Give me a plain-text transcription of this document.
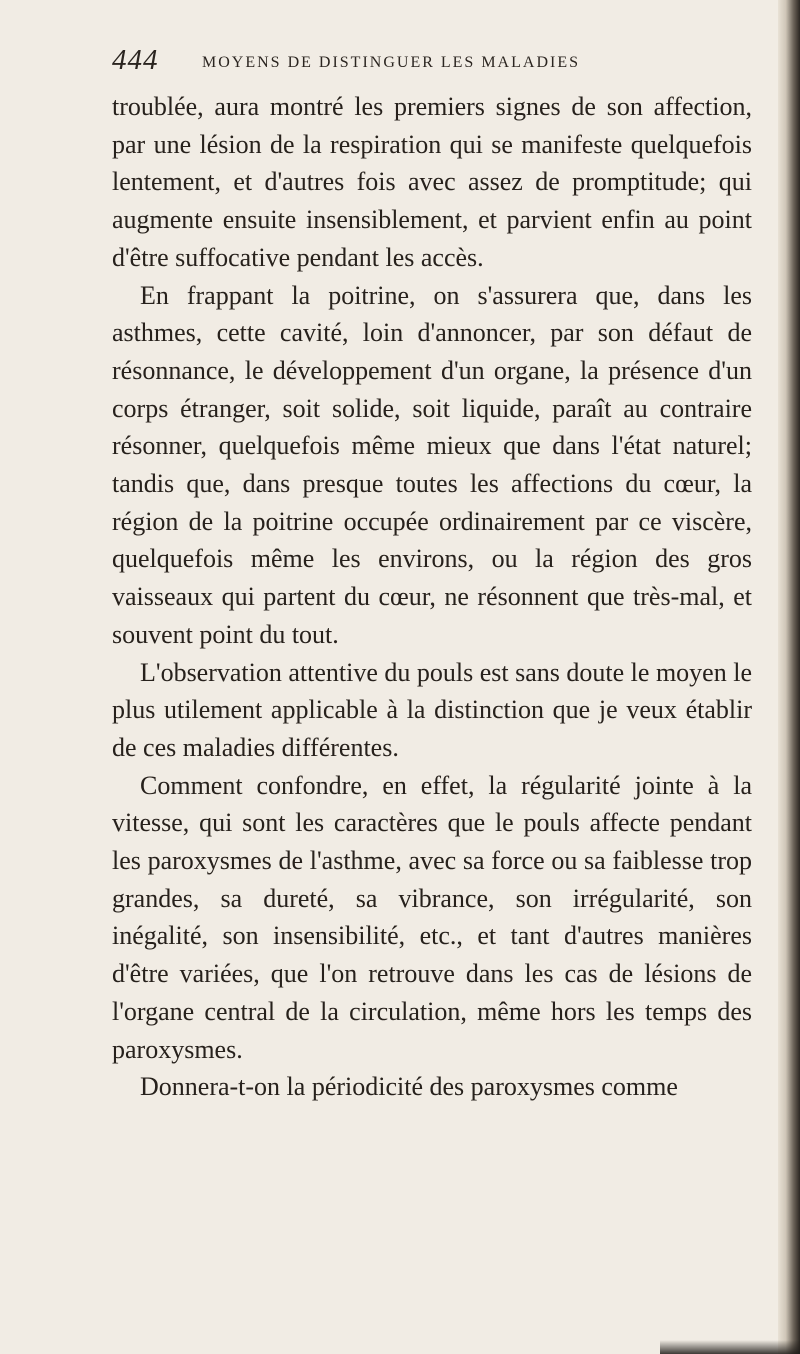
444	MOYENS DE DISTINGUER LES MALADIES

troublée, aura montré les premiers signes de son affection, par une lésion de la respiration qui se manifeste quelquefois lentement, et d'autres fois avec assez de promptitude; qui augmente ensuite insensiblement, et parvient enfin au point d'être suffocative pendant les accès.

En frappant la poitrine, on s'assurera que, dans les asthmes, cette cavité, loin d'annoncer, par son défaut de résonnance, le développement d'un organe, la présence d'un corps étranger, soit solide, soit liquide, paraît au contraire résonner, quelquefois même mieux que dans l'état naturel; tandis que, dans presque toutes les affections du cœur, la région de la poitrine occupée ordinairement par ce viscère, quelquefois même les environs, ou la région des gros vaisseaux qui partent du cœur, ne résonnent que très-mal, et souvent point du tout.

L'observation attentive du pouls est sans doute le moyen le plus utilement applicable à la distinction que je veux établir de ces maladies différentes.

Comment confondre, en effet, la régularité jointe à la vitesse, qui sont les caractères que le pouls affecte pendant les paroxysmes de l'asthme, avec sa force ou sa faiblesse trop grandes, sa dureté, sa vibrance, son irrégularité, son inégalité, son insensibilité, etc., et tant d'autres manières d'être variées, que l'on retrouve dans les cas de lésions de l'organe central de la circulation, même hors les temps des paroxysmes.

Donnera-t-on la périodicité des paroxysmes comme
